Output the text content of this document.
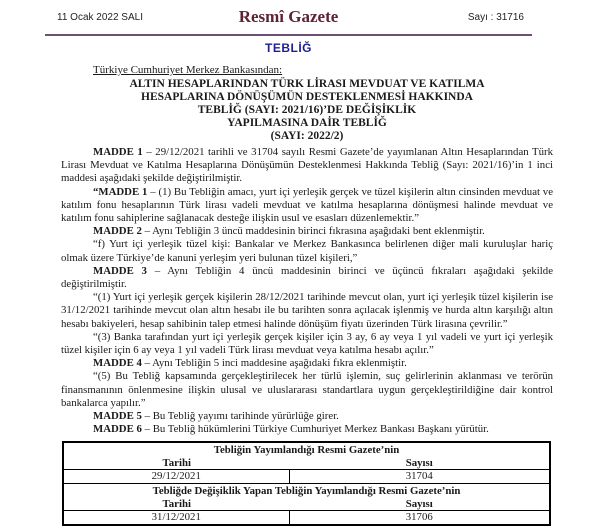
11 Ocak 2022 SALI	Resmî Gazete	Sayı : 31716
TEBLİĞ
Türkiye Cumhuriyet Merkez Bankasından:
ALTIN HESAPLARINDAN TÜRK LİRASI MEVDUAT VE KATILMA
HESAPLARINA DÖNÜŞÜMÜN DESTEKLENMESİ HAKKINDA
TEBLİĞ (SAYI: 2021/16)’DE DEĞİŞİKLİK
YAPILMASINA DAİR TEBLİĞ
(SAYI: 2022/2)

MADDE 1 – 29/12/2021 tarihli ve 31704 sayılı Resmi Gazete’de yayımlanan Altın Hesaplarından Türk Lirası Mevduat ve Katılma Hesaplarına Dönüşümün Desteklenmesi Hakkında Tebliğ (Sayı: 2021/16)’in 1 inci maddesi aşağıdaki şekilde değiştirilmiştir.

“MADDE 1 – (1) Bu Tebliğin amacı, yurt içi yerleşik gerçek ve tüzel kişilerin altın cinsinden mevduat ve katılım fonu hesaplarının Türk lirası vadeli mevduat ve katılma hesaplarına dönüşmesi halinde mevduat ve katılım fonu sahiplerine sağlanacak desteğe ilişkin usul ve esasları düzenlemektir.”

MADDE 2 – Aynı Tebliğin 3 üncü maddesinin birinci fıkrasına aşağıdaki bent eklenmiştir.

“f) Yurt içi yerleşik tüzel kişi: Bankalar ve Merkez Bankasınca belirlenen diğer mali kuruluşlar hariç olmak üzere Türkiye’de kanuni yerleşim yeri bulunan tüzel kişileri,”

MADDE 3 – Aynı Tebliğin 4 üncü maddesinin birinci ve üçüncü fıkraları aşağıdaki şekilde değiştirilmiştir.

“(1) Yurt içi yerleşik gerçek kişilerin 28/12/2021 tarihinde mevcut olan, yurt içi yerleşik tüzel kişilerin ise 31/12/2021 tarihinde mevcut olan altın hesabı ile bu tarihten sonra açılacak işlenmiş ve hurda altın karşılığı altın hesabı bakiyeleri, hesap sahibinin talep etmesi halinde dönüşüm fiyatı üzerinden Türk lirasına çevrilir.”

“(3) Banka tarafından yurt içi yerleşik gerçek kişiler için 3 ay, 6 ay veya 1 yıl vadeli ve yurt içi yerleşik tüzel kişiler için 6 ay veya 1 yıl vadeli Türk lirası mevduat veya katılma hesabı açılır.”

MADDE 4 – Aynı Tebliğin 5 inci maddesine aşağıdaki fıkra eklenmiştir.

“(5) Bu Tebliğ kapsamında gerçekleştirilecek her türlü işlemin, suç gelirlerinin aklanması ve terörün finansmanının önlenmesine ilişkin ulusal ve uluslararası standartlara uygun gerçekleştirildiğine dair kontrol bankalarca yapılır.”

MADDE 5 – Bu Tebliğ yayımı tarihinde yürürlüğe girer.

MADDE 6 – Bu Tebliğ hükümlerini Türkiye Cumhuriyet Merkez Bankası Başkanı yürütür.

Tebliğin Yayımlandığı Resmi Gazete’nin
Tarihi	Sayısı
29/12/2021	31704
Tebliğde Değişiklik Yapan Tebliğin Yayımlandığı Resmi Gazete’nin
Tarihi	Sayısı
31/12/2021	31706
